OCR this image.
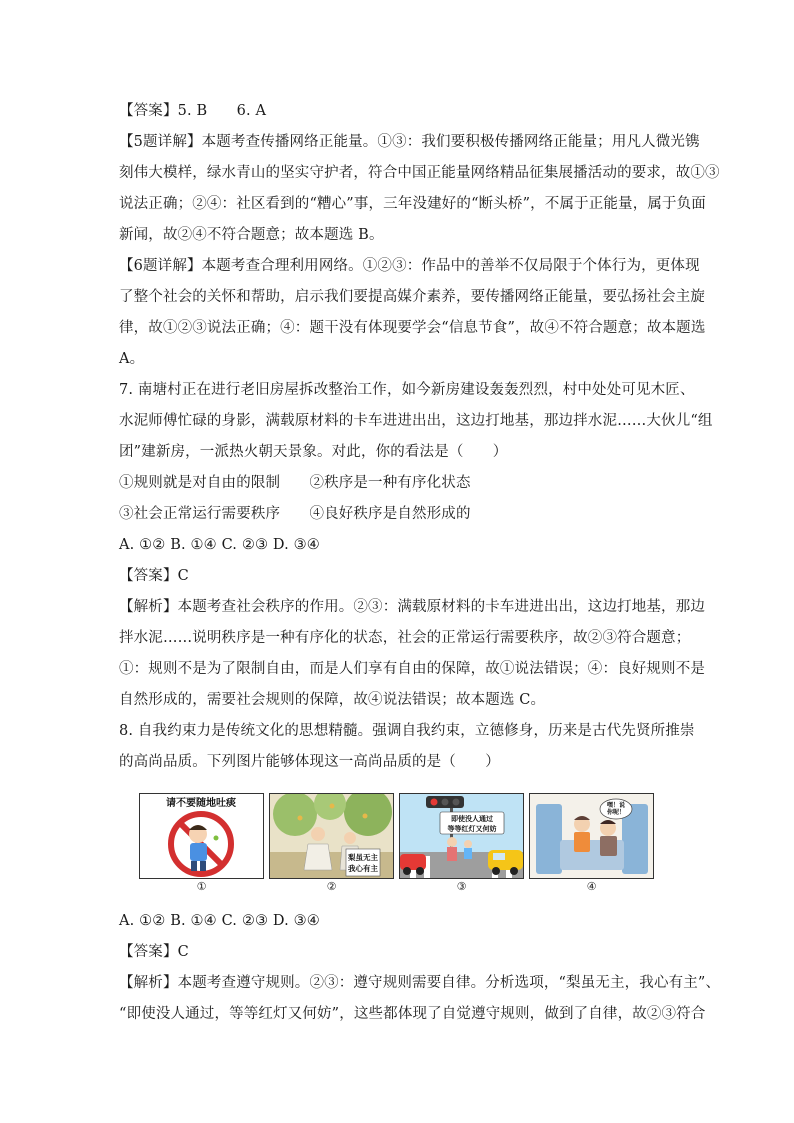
【答案】5. B　　6. A

【5题详解】本题考查传播网络正能量。①③：我们要积极传播网络正能量；用凡人微光镌

刻伟大模样，绿水青山的坚实守护者，符合中国正能量网络精品征集展播活动的要求，故①③

说法正确；②④：社区看到的“糟心”事，三年没建好的“断头桥”，不属于正能量，属于负面

新闻，故②④不符合题意；故本题选 B。

【6题详解】本题考查合理利用网络。①②③：作品中的善举不仅局限于个体行为，更体现

了整个社会的关怀和帮助，启示我们要提高媒介素养，要传播网络正能量，要弘扬社会主旋

律，故①②③说法正确；④：题干没有体现要学会“信息节食”，故④不符合题意；故本题选

A。

7. 南塘村正在进行老旧房屋拆改整治工作，如今新房建设轰轰烈烈，村中处处可见木匠、

水泥师傅忙碌的身影，满载原材料的卡车进进出出，这边打地基，那边拌水泥……大伙儿“组

团”建新房，一派热火朝天景象。对此，你的看法是（　　）

①规则就是对自由的限制　　②秩序是一种有序化状态

③社会正常运行需要秩序　　④良好秩序是自然形成的

A. ①② B. ①④ C. ②③ D. ③④

【答案】C

【解析】本题考查社会秩序的作用。②③：满载原材料的卡车进进出出，这边打地基，那边

拌水泥……说明秩序是一种有序化的状态，社会的正常运行需要秩序，故②③符合题意；

①：规则不是为了限制自由，而是人们享有自由的保障，故①说法错误；④：良好规则不是

自然形成的，需要社会规则的保障，故④说法错误；故本题选 C。

8. 自我约束力是传统文化的思想精髓。强调自我约束，立德修身，历来是古代先贤所推崇

的高尚品质。下列图片能够体现这一高尚品质的是（　　）

请不要随地吐痰
①
梨虽无主
我心有主
②
即使没人通过
等等红灯又何妨
③
嘿！说
你呢！
④

A. ①② B. ①④ C. ②③ D. ③④

【答案】C

【解析】本题考查遵守规则。②③：遵守规则需要自律。分析选项，“梨虽无主，我心有主”、

“即使没人通过，等等红灯又何妨”，这些都体现了自觉遵守规则，做到了自律，故②③符合
